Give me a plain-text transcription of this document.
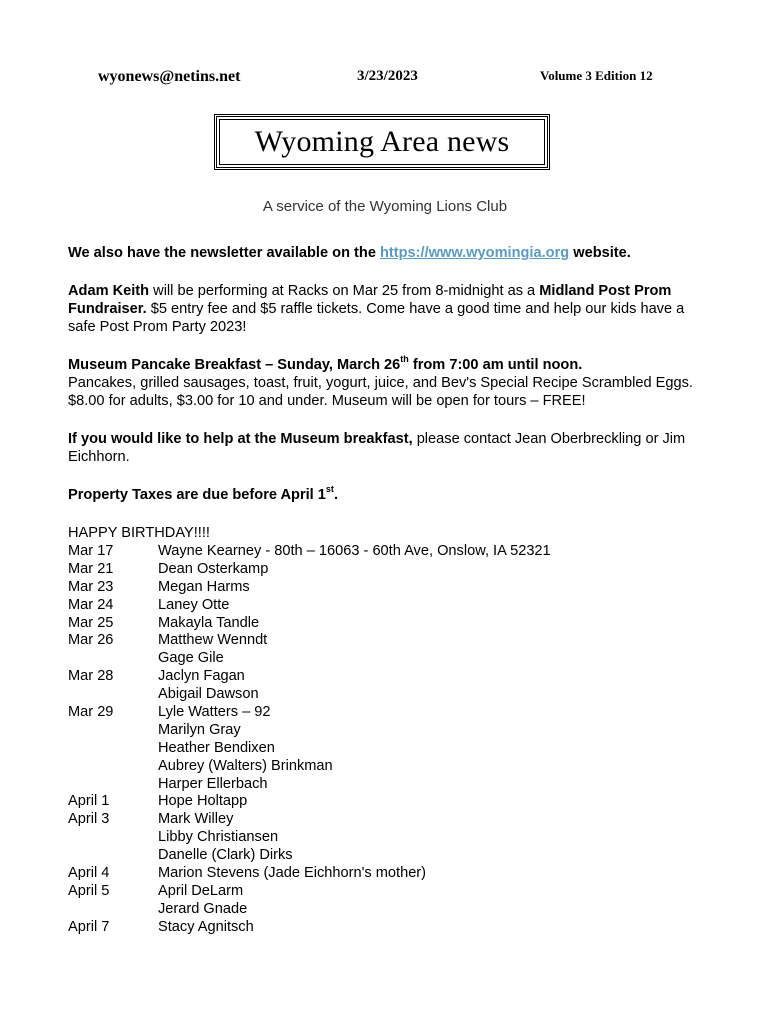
wyonews@netins.net	3/23/2023	Volume 3 Edition 12
Wyoming Area news
A service of the Wyoming Lions Club

We also have the newsletter available on the https://www.wyomingia.org website.

Adam Keith will be performing at Racks on Mar 25 from 8-midnight as a Midland Post Prom Fundraiser. $5 entry fee and $5 raffle tickets. Come have a good time and help our kids have a safe Post Prom Party 2023!

Museum Pancake Breakfast – Sunday, March 26th from 7:00 am until noon.

Pancakes, grilled sausages, toast, fruit, yogurt, juice, and Bev's Special Recipe Scrambled Eggs. $8.00 for adults, $3.00 for 10 and under. Museum will be open for tours – FREE!

If you would like to help at the Museum breakfast, please contact Jean Oberbreckling or Jim Eichhorn.

Property Taxes are due before April 1st.

HAPPY BIRTHDAY!!!!

Mar 17	Wayne Kearney - 80th – 16063 - 60th Ave, Onslow, IA 52321
Mar 21	Dean Osterkamp
Mar 23	Megan Harms
Mar 24	Laney Otte
Mar 25	Makayla Tandle
Mar 26	Matthew Wenndt
Gage Gile
Mar 28	Jaclyn Fagan
Abigail Dawson
Mar 29	Lyle Watters – 92
Marilyn Gray
Heather Bendixen
Aubrey (Walters) Brinkman
Harper Ellerbach
April 1	Hope Holtapp
April 3	Mark Willey
Libby Christiansen
Danelle (Clark) Dirks
April 4	Marion Stevens (Jade Eichhorn's mother)
April 5	April DeLarm
Jerard Gnade
April 7	Stacy Agnitsch
